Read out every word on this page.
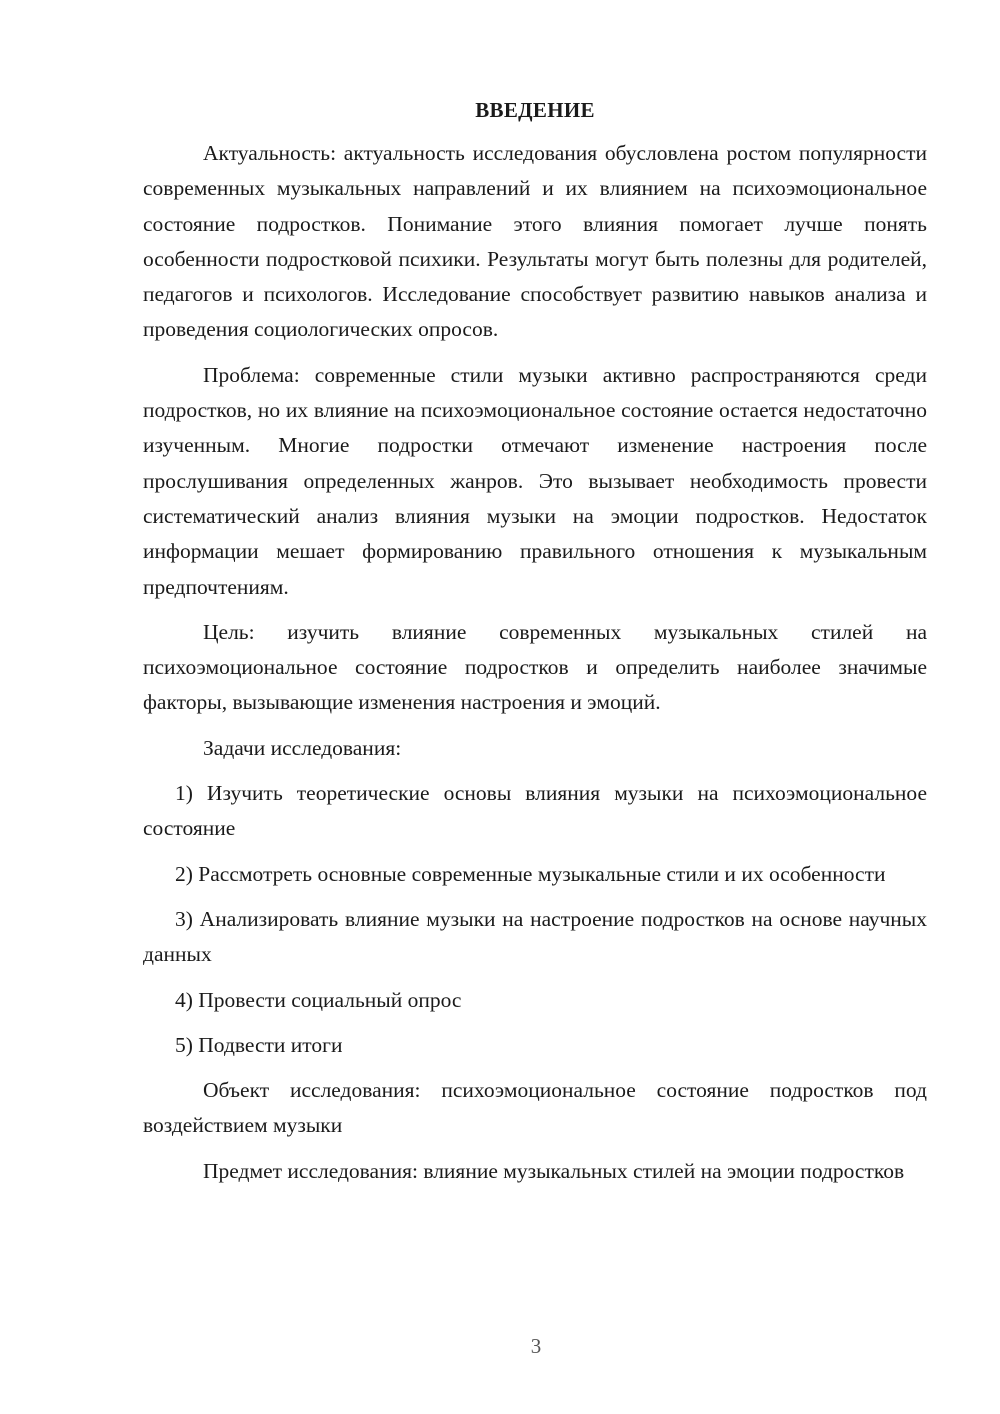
ВВЕДЕНИЕ

Актуальность: актуальность исследования обусловлена ростом популярности современных музыкальных направлений и их влиянием на психоэмоциональное состояние подростков. Понимание этого влияния помогает лучше понять особенности подростковой психики. Результаты могут быть полезны для родителей, педагогов и психологов. Исследование способствует развитию навыков анализа и проведения социологических опросов.

Проблема: современные стили музыки активно распространяются среди подростков, но их влияние на психоэмоциональное состояние остается недостаточно изученным. Многие подростки отмечают изменение настроения после прослушивания определенных жанров. Это вызывает необходимость провести систематический анализ влияния музыки на эмоции подростков. Недостаток информации мешает формированию правильного отношения к музыкальным предпочтениям.

Цель: изучить влияние современных музыкальных стилей на психоэмоциональное состояние подростков и определить наиболее значимые факторы, вызывающие изменения настроения и эмоций.

Задачи исследования:

1) Изучить теоретические основы влияния музыки на психоэмоциональное состояние

2) Рассмотреть основные современные музыкальные стили и их особенности

3) Анализировать влияние музыки на настроение подростков на основе научных данных

4) Провести социальный опрос

5) Подвести итоги

Объект исследования: психоэмоциональное состояние подростков под воздействием музыки

Предмет исследования: влияние музыкальных стилей на эмоции подростков

3
